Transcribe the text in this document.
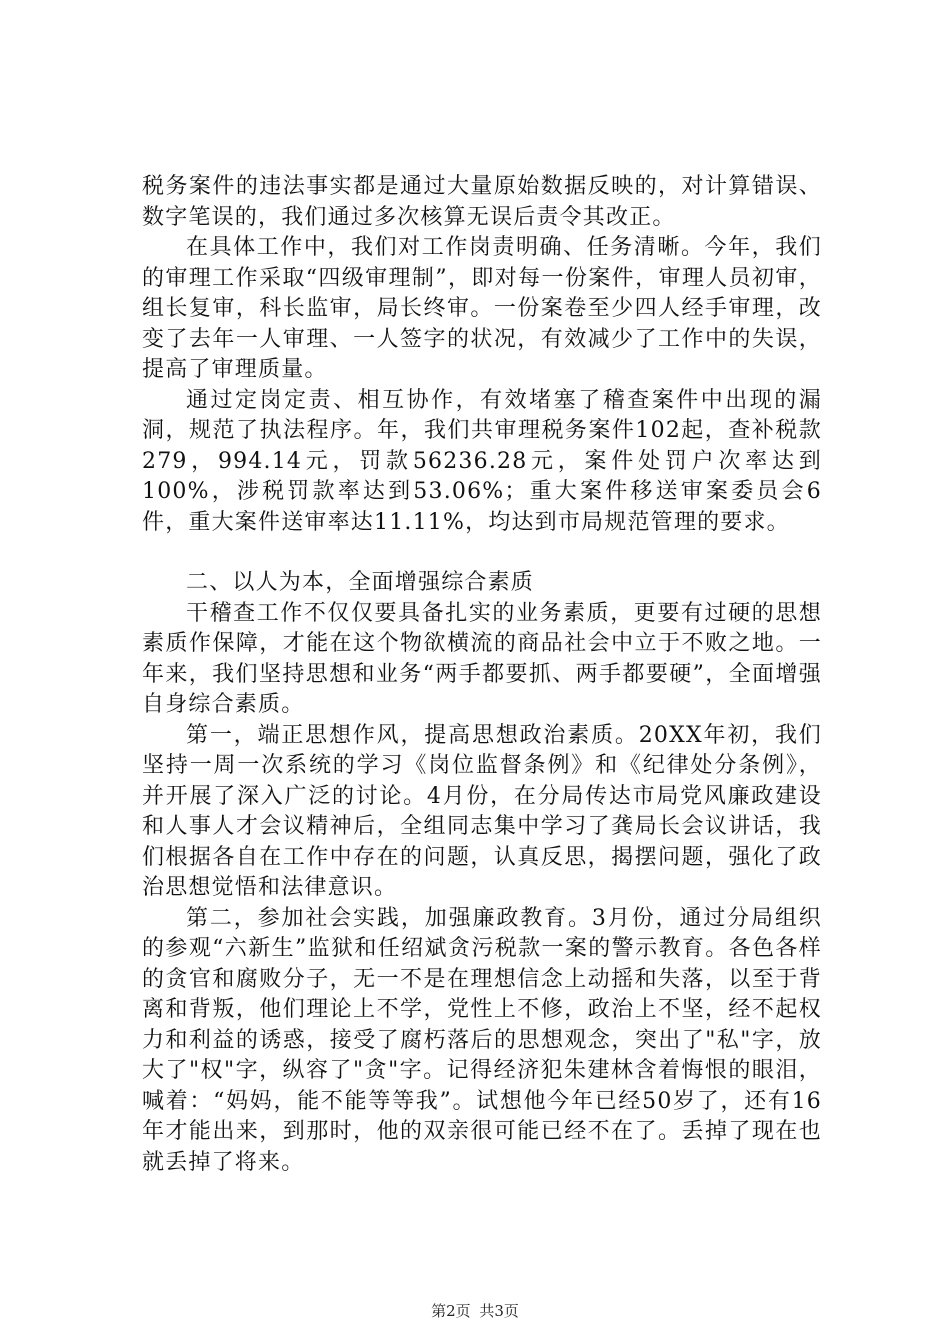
税务案件的违法事实都是通过大量原始数据反映的，对计算错误、数字笔误的，我们通过多次核算无误后责令其改正。

在具体工作中，我们对工作岗责明确、任务清晰。今年，我们的审理工作采取“四级审理制”，即对每一份案件，审理人员初审，组长复审，科长监审，局长终审。一份案卷至少四人经手审理，改变了去年一人审理、一人签字的状况，有效减少了工作中的失误，提高了审理质量。

通过定岗定责、相互协作，有效堵塞了稽查案件中出现的漏洞，规范了执法程序。年，我们共审理税务案件102起，查补税款279，994.14元，罚款56236.28元，案件处罚户次率达到100%，涉税罚款率达到53.06%；重大案件移送审案委员会6件，重大案件送审率达11.11%，均达到市局规范管理的要求。

二、以人为本，全面增强综合素质

干稽查工作不仅仅要具备扎实的业务素质，更要有过硬的思想素质作保障，才能在这个物欲横流的商品社会中立于不败之地。一年来，我们坚持思想和业务“两手都要抓、两手都要硬”，全面增强自身综合素质。

第一，端正思想作风，提高思想政治素质。20XX年初，我们坚持一周一次系统的学习《岗位监督条例》和《纪律处分条例》，并开展了深入广泛的讨论。4月份，在分局传达市局党风廉政建设和人事人才会议精神后，全组同志集中学习了龚局长会议讲话，我们根据各自在工作中存在的问题，认真反思，揭摆问题，强化了政治思想觉悟和法律意识。

第二，参加社会实践，加强廉政教育。3月份，通过分局组织的参观“六新生”监狱和任绍斌贪污税款一案的警示教育。各色各样的贪官和腐败分子，无一不是在理想信念上动摇和失落，以至于背离和背叛，他们理论上不学，党性上不修，政治上不坚，经不起权力和利益的诱惑，接受了腐朽落后的思想观念，突出了"私"字，放大了"权"字，纵容了"贪"字。记得经济犯朱建林含着悔恨的眼泪，喊着：“妈妈，能不能等等我”。试想他今年已经50岁了，还有16年才能出来，到那时，他的双亲很可能已经不在了。丢掉了现在也就丢掉了将来。

第2页 共3页
